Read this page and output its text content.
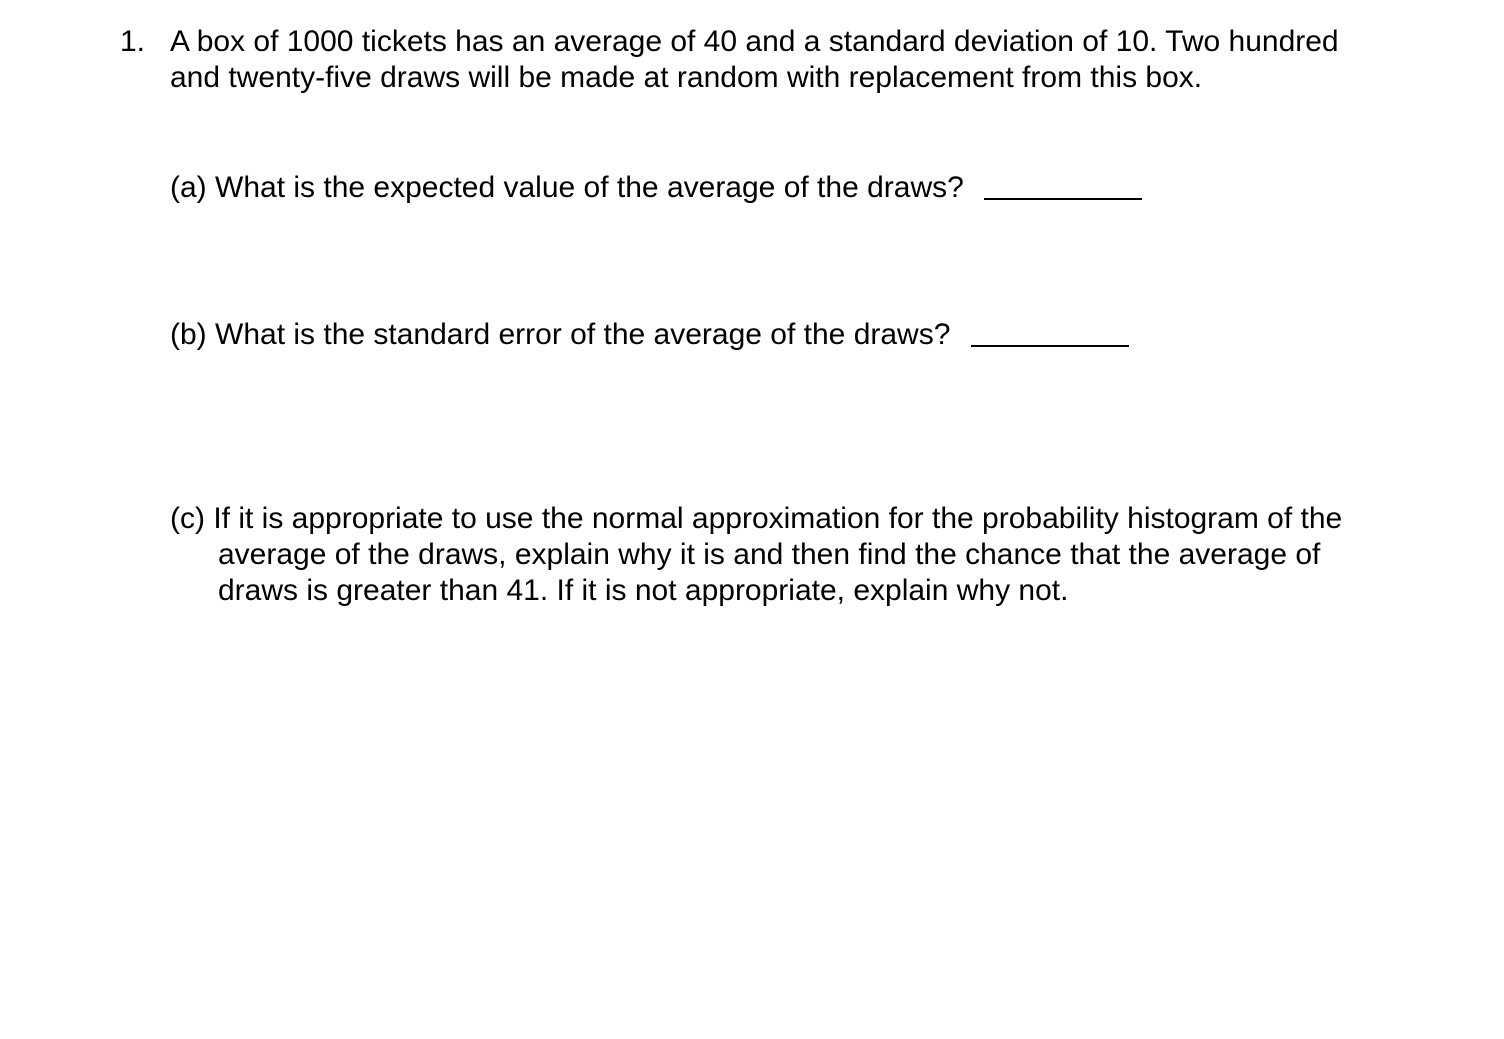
1. A box of 1000 tickets has an average of 40 and a standard deviation of 10. Two hundred and twenty-five draws will be made at random with replacement from this box.
(a) What is the expected value of the average of the draws?
(b) What is the standard error of the average of the draws?
(c) If it is appropriate to use the normal approximation for the probability histogram of the average of the draws, explain why it is and then find the chance that the average of draws is greater than 41. If it is not appropriate, explain why not.
